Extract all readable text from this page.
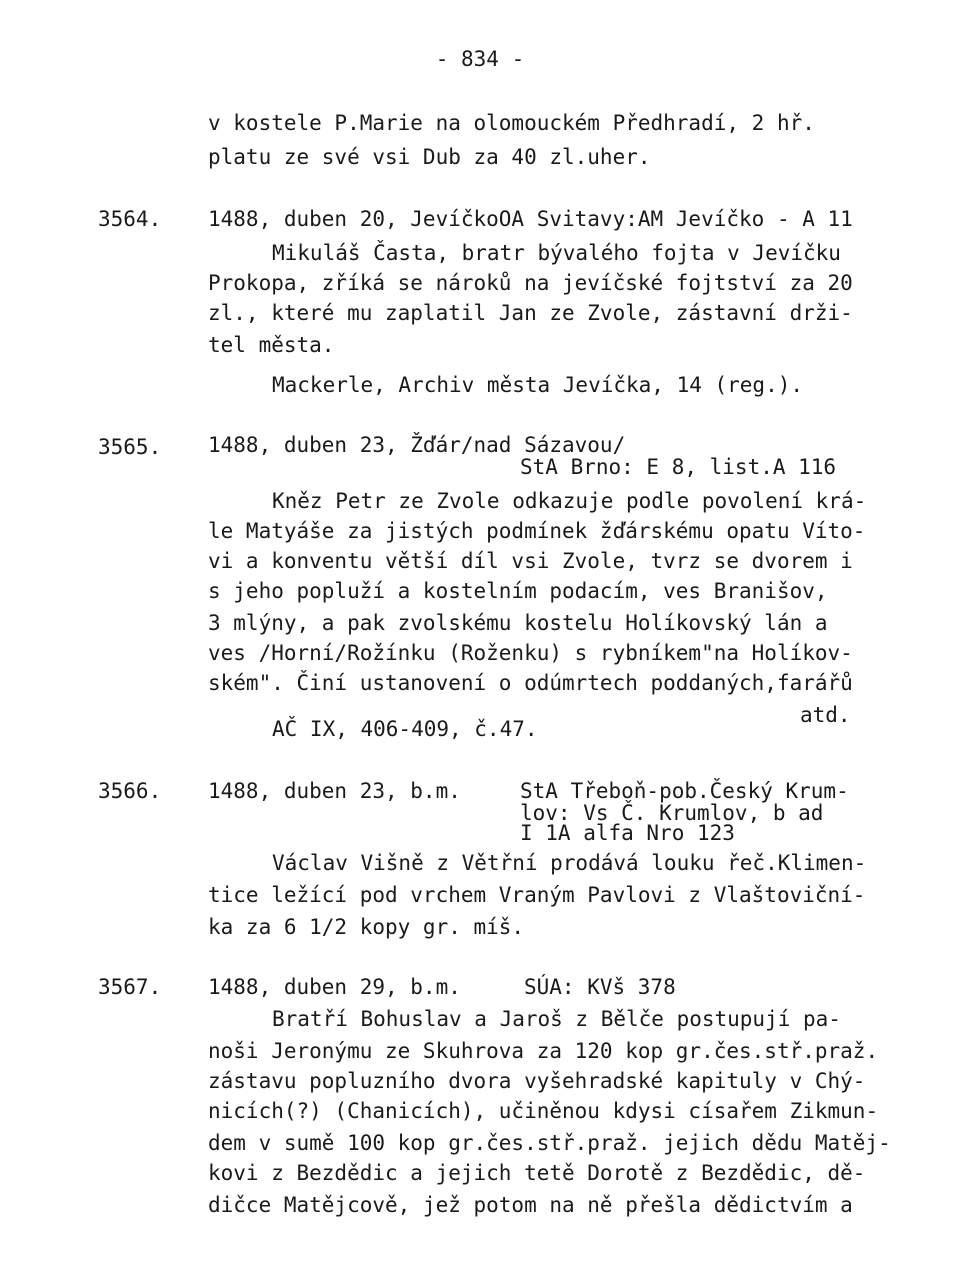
- 834 -
v kostele P.Marie na olomouckém Předhradí, 2 hř.
platu ze své vsi Dub za 40 zl.uher.
3564. 1488, duben 20, JevíčkoOA Svitavy:AM Jevíčko - A 11
Mikuláš Časta, bratr bývalého fojta v Jevíčku
Prokopa, zříká se nároků na jevíčské fojtství za 20
zl., které mu zaplatil Jan ze Zvole, zástavní drži-
tel města.
Mackerle, Archiv města Jevíčka, 14 (reg.).
3565. 1488, duben 23, Žďár/nad Sázavou/
StA Brno: E 8, list.A 116
Kněz Petr ze Zvole odkazuje podle povolení krá-
le Matyáše za jistých podmínek žďárskému opatu Víto-
vi a konventu větší díl vsi Zvole, tvrz se dvorem i
s jeho popluží a kostelním podacím, ves Branišov,
3 mlýny, a pak zvolskému kostelu Holíkovský lán a
ves /Horní/Rožínku (Roženku) s rybníkem"na Holíkov-
ském". Činí ustanovení o odúmrtech poddaných,farářů
atd.
AČ IX, 406-409, č.47.
3566. 1488, duben 23, b.m.	StA Třeboň-pob.Český Krum-
lov: Vs Č. Krumlov, b ad
I 1A alfa Nro 123
Václav Višně z Větřní prodává louku řeč.Klimen-
tice ležící pod vrchem Vraným Pavlovi z Vlaštoviční-
ka za 6 1/2 kopy gr. míš.
3567. 1488, duben 29, b.m.	SÚA: KVš 378
Bratří Bohuslav a Jaroš z Bělče postupují pa-
noši Jeronýmu ze Skuhrova za 120 kop gr.čes.stř.praž.
zástavu popluzního dvora vyšehradské kapituly v Chý-
nicích(?) (Chanicích), učiněnou kdysi císařem Zikmun-
dem v sumě 100 kop gr.čes.stř.praž. jejich dědu Matěj-
kovi z Bezdědic a jejich tetě Dorotě z Bezdědic, dě-
dičce Matějcově, jež potom na ně přešla dědictvím a
